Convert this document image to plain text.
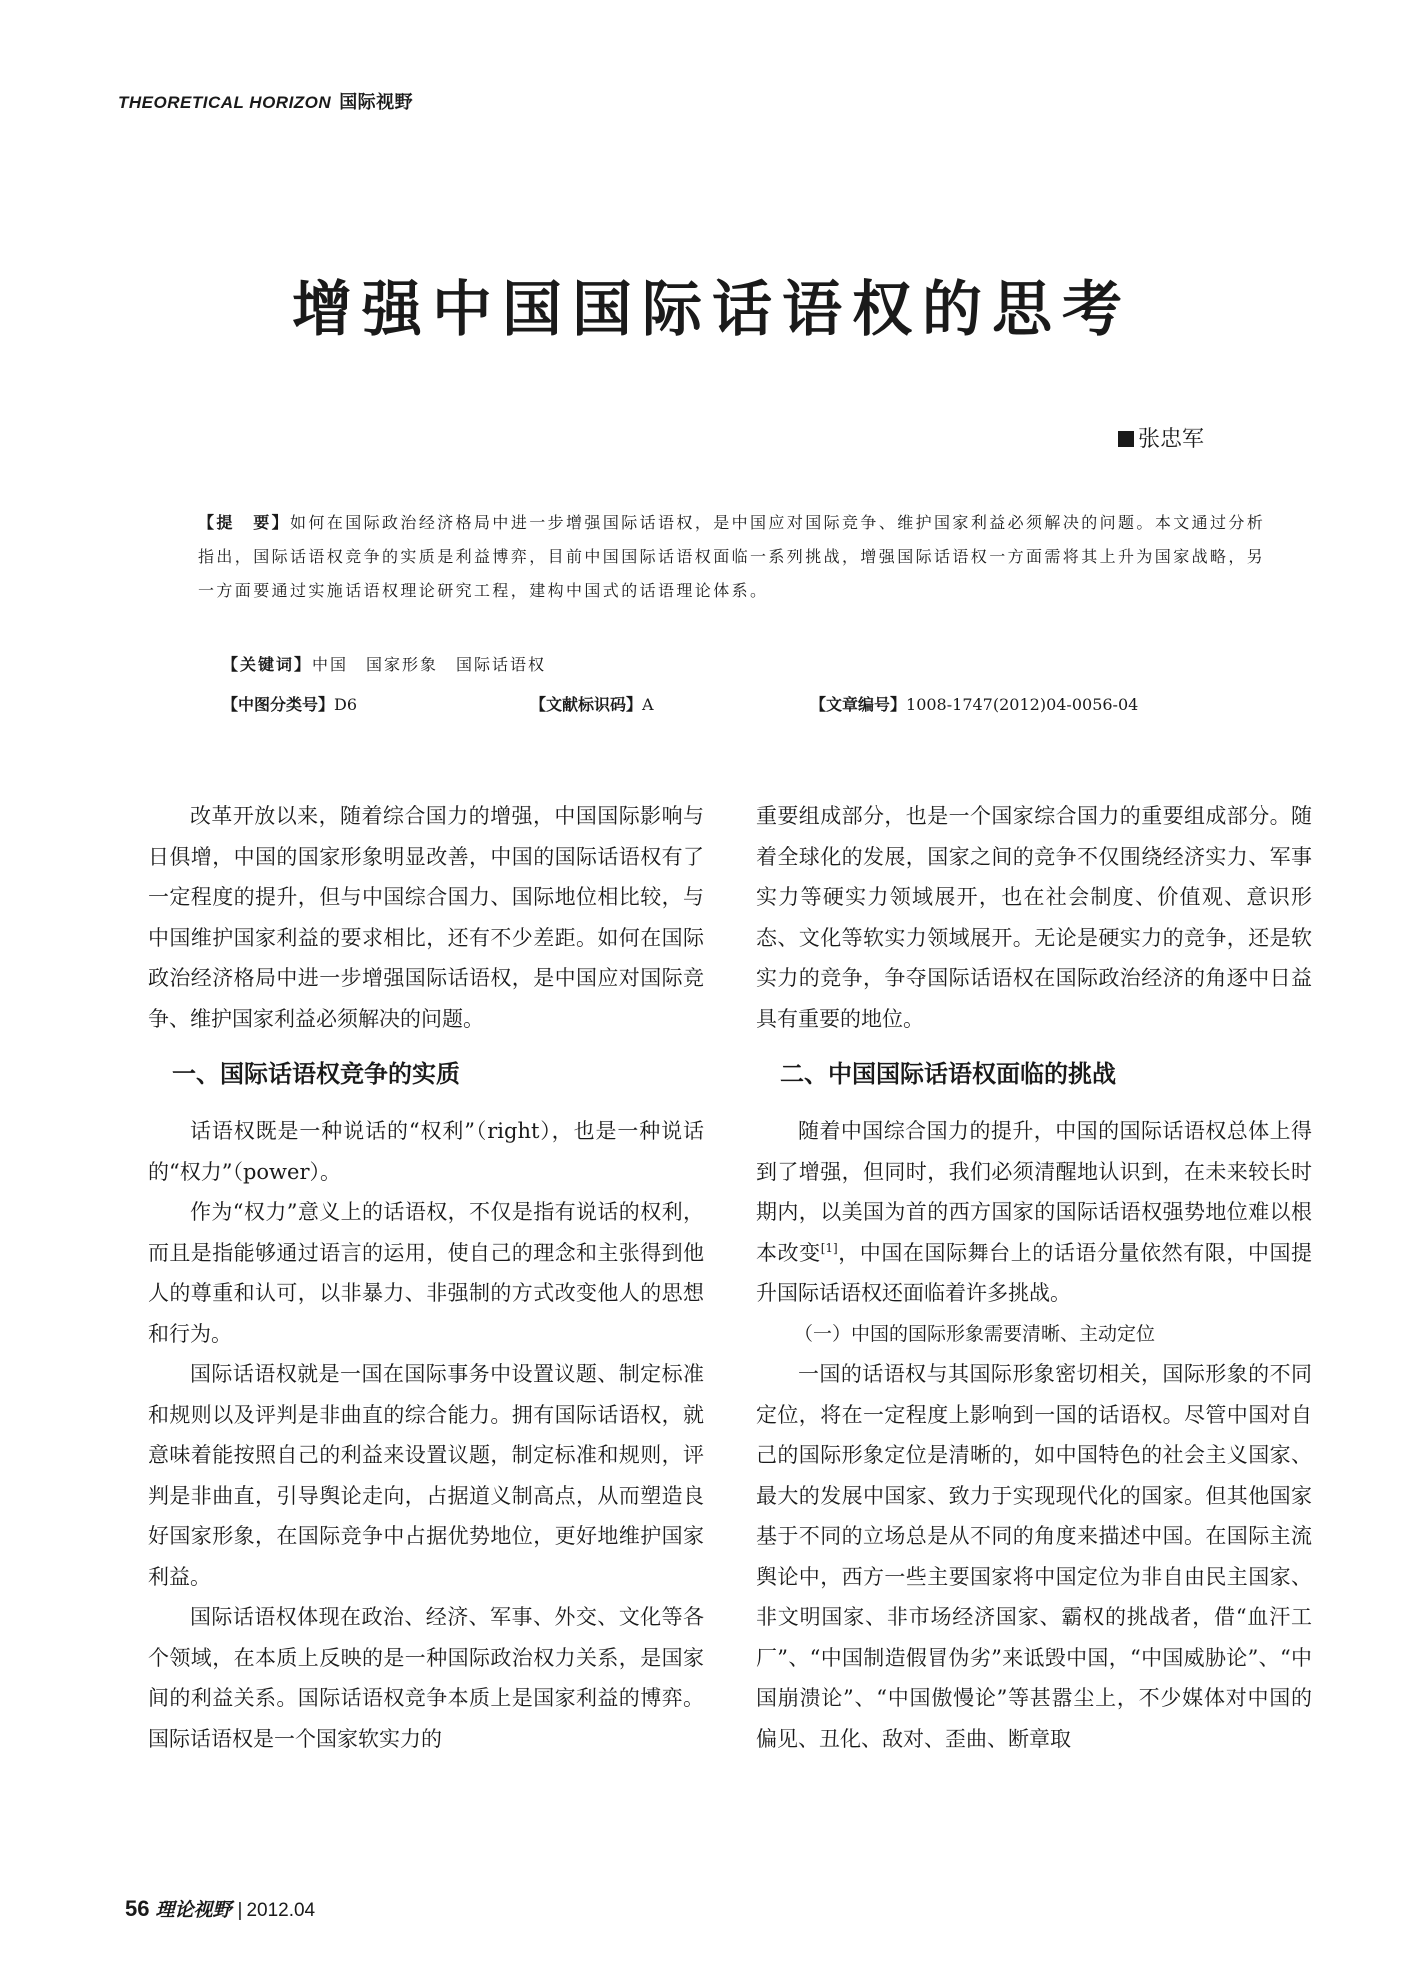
THEORETICAL HORIZON 国际视野
增强中国国际话语权的思考
张忠军
【提　要】如何在国际政治经济格局中进一步增强国际话语权，是中国应对国际竞争、维护国家利益必须解决的问题。本文通过分析指出，国际话语权竞争的实质是利益博弈，目前中国国际话语权面临一系列挑战，增强国际话语权一方面需将其上升为国家战略，另一方面要通过实施话语权理论研究工程，建构中国式的话语理论体系。
【关键词】中国　国家形象　国际话语权
【中图分类号】D6	【文献标识码】A	【文章编号】1008-1747(2012)04-0056-04

改革开放以来，随着综合国力的增强，中国国际影响与日俱增，中国的国家形象明显改善，中国的国际话语权有了一定程度的提升，但与中国综合国力、国际地位相比较，与中国维护国家利益的要求相比，还有不少差距。如何在国际政治经济格局中进一步增强国际话语权，是中国应对国际竞争、维护国家利益必须解决的问题。

一、国际话语权竞争的实质

话语权既是一种说话的“权利”（right），也是一种说话的“权力”（power）。

作为“权力”意义上的话语权，不仅是指有说话的权利，而且是指能够通过语言的运用，使自己的理念和主张得到他人的尊重和认可，以非暴力、非强制的方式改变他人的思想和行为。

国际话语权就是一国在国际事务中设置议题、制定标准和规则以及评判是非曲直的综合能力。拥有国际话语权，就意味着能按照自己的利益来设置议题，制定标准和规则，评判是非曲直，引导舆论走向，占据道义制高点，从而塑造良好国家形象，在国际竞争中占据优势地位，更好地维护国家利益。

国际话语权体现在政治、经济、军事、外交、文化等各个领域，在本质上反映的是一种国际政治权力关系，是国家间的利益关系。国际话语权竞争本质上是国家利益的博弈。国际话语权是一个国家软实力的

重要组成部分，也是一个国家综合国力的重要组成部分。随着全球化的发展，国家之间的竞争不仅围绕经济实力、军事实力等硬实力领域展开，也在社会制度、价值观、意识形态、文化等软实力领域展开。无论是硬实力的竞争，还是软实力的竞争，争夺国际话语权在国际政治经济的角逐中日益具有重要的地位。

二、中国国际话语权面临的挑战

随着中国综合国力的提升，中国的国际话语权总体上得到了增强，但同时，我们必须清醒地认识到，在未来较长时期内，以美国为首的西方国家的国际话语权强势地位难以根本改变[1]，中国在国际舞台上的话语分量依然有限，中国提升国际话语权还面临着许多挑战。

（一）中国的国际形象需要清晰、主动定位

一国的话语权与其国际形象密切相关，国际形象的不同定位，将在一定程度上影响到一国的话语权。尽管中国对自己的国际形象定位是清晰的，如中国特色的社会主义国家、最大的发展中国家、致力于实现现代化的国家。但其他国家基于不同的立场总是从不同的角度来描述中国。在国际主流舆论中，西方一些主要国家将中国定位为非自由民主国家、非文明国家、非市场经济国家、霸权的挑战者，借“血汗工厂”、“中国制造假冒伪劣”来诋毁中国，“中国威胁论”、“中国崩溃论”、“中国傲慢论”等甚嚣尘上，不少媒体对中国的偏见、丑化、敌对、歪曲、断章取

56 理论视野 | 2012.04
